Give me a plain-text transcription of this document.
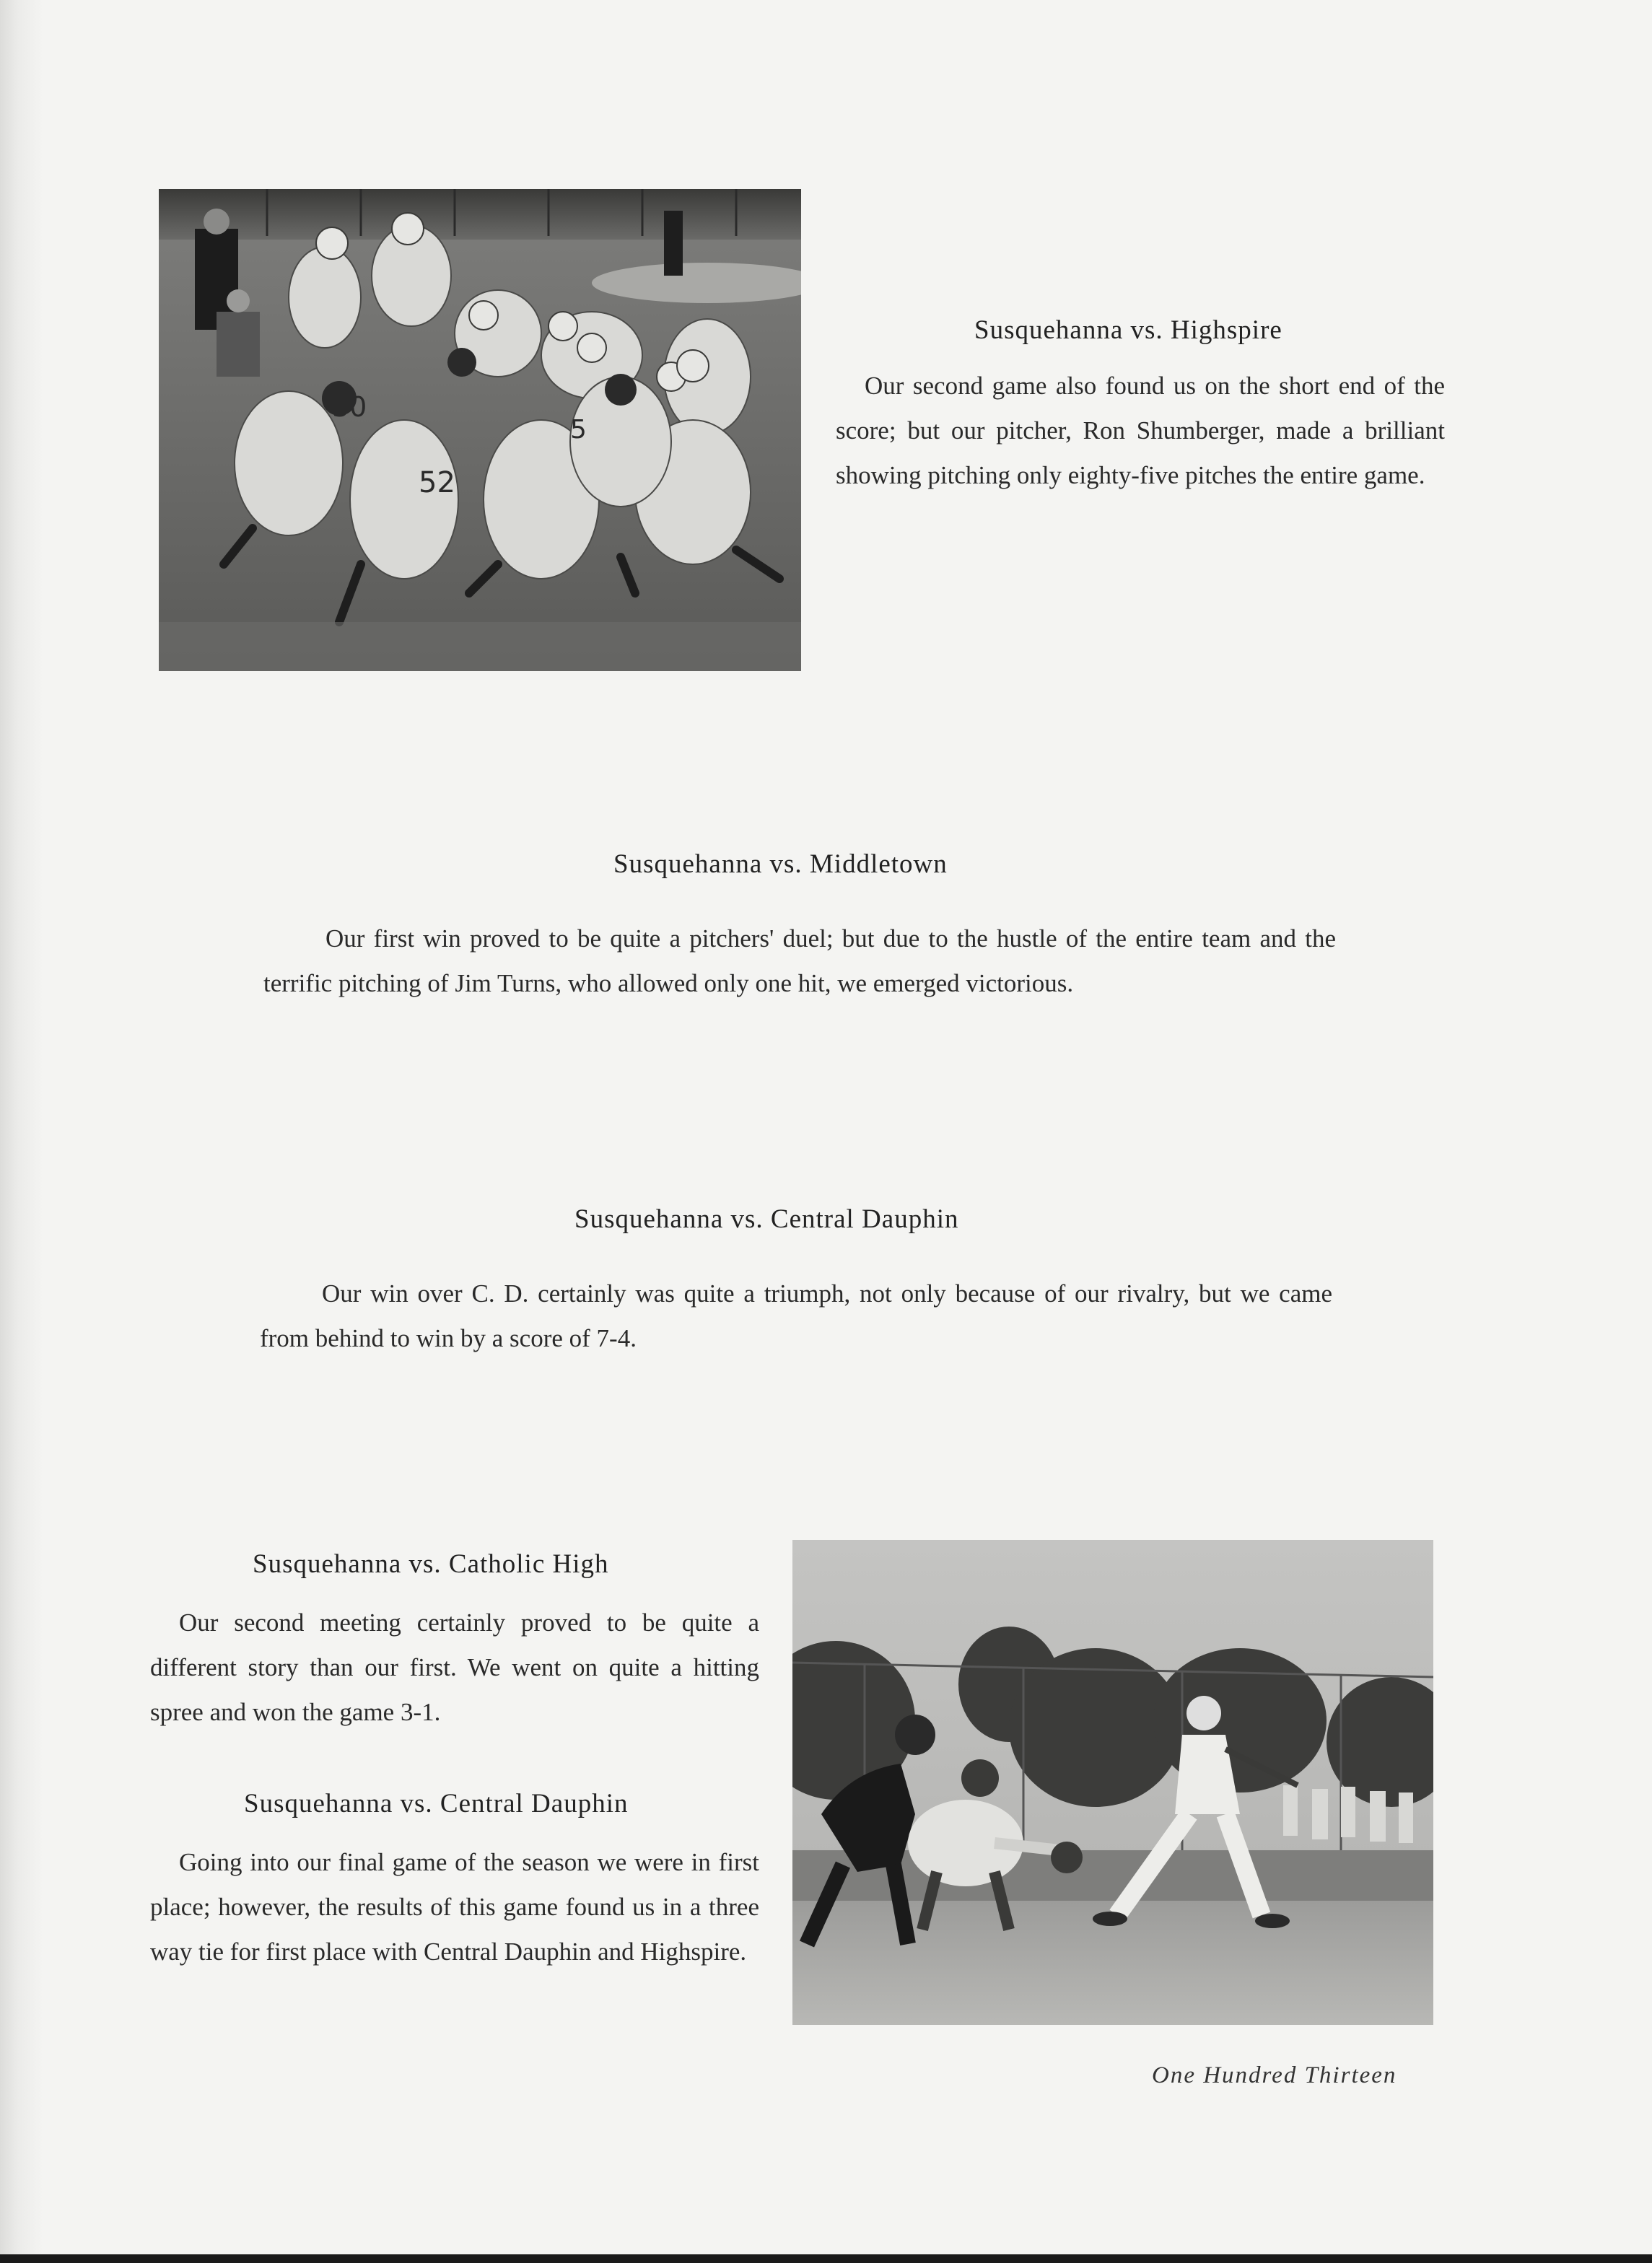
30
52
5
Susquehanna vs. Highspire

Our second game also found us on the short end of the score; but our pitcher, Ron Shumberger, made a brilliant showing pitching only eighty-five pitches the entire game.

Susquehanna vs. Middletown

Our first win proved to be quite a pitchers' duel; but due to the hustle of the entire team and the terrific pitching of Jim Turns, who allowed only one hit, we emerged victorious.

Susquehanna vs. Central Dauphin

Our win over C. D. certainly was quite a triumph, not only because of our rivalry, but we came from behind to win by a score of 7-4.

Susquehanna vs. Catholic High

Our second meeting certainly proved to be quite a different story than our first. We went on quite a hitting spree and won the game 3-1.

Susquehanna vs. Central Dauphin

Going into our final game of the season we were in first place; however, the results of this game found us in a three way tie for first place with Central Dauphin and Highspire.

One Hundred Thirteen
